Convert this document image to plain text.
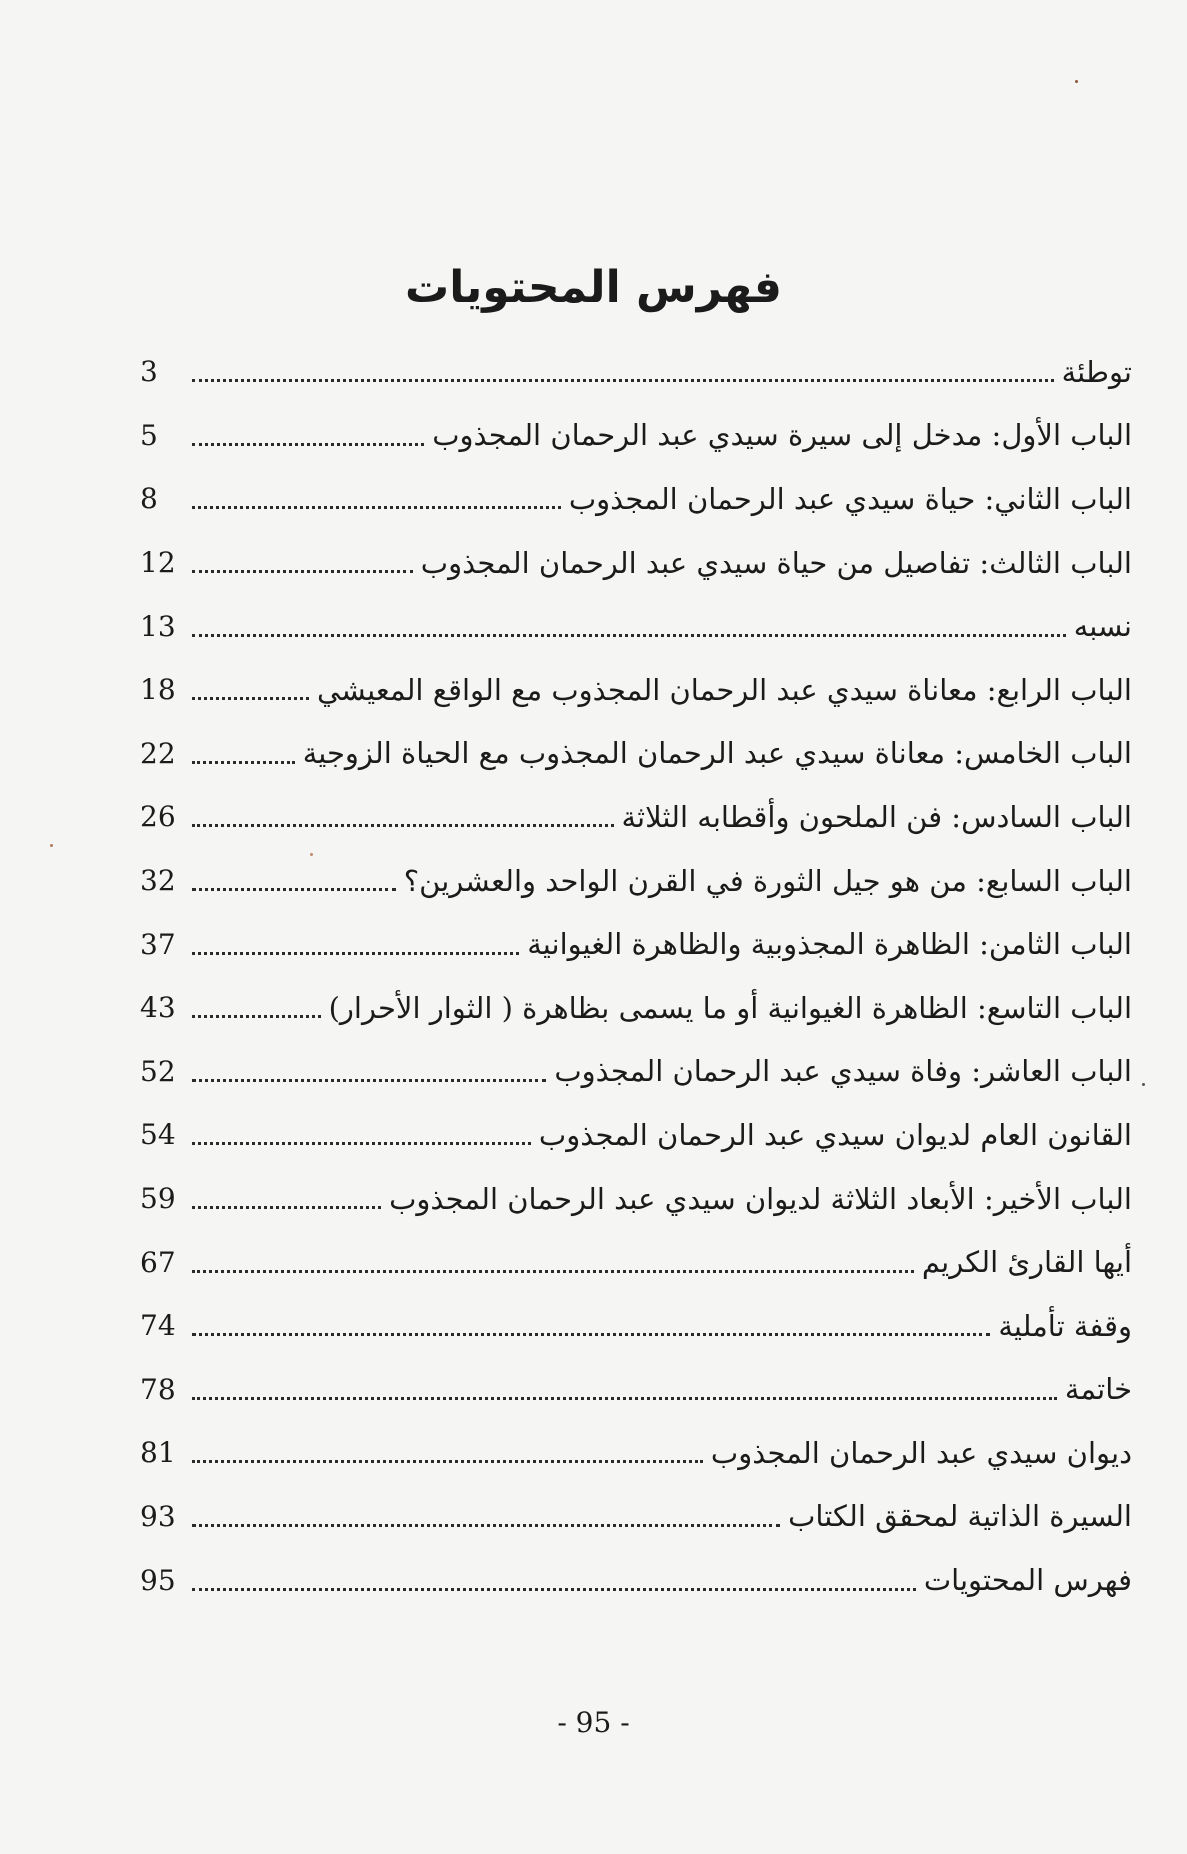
فهرس المحتويات
توطئة
3
الباب الأول: مدخل إلى سيرة سيدي عبد الرحمان المجذوب
5
الباب الثاني: حياة سيدي عبد الرحمان المجذوب
8
الباب الثالث: تفاصيل من حياة سيدي عبد الرحمان المجذوب
12
نسبه
13
الباب الرابع: معاناة سيدي عبد الرحمان المجذوب مع الواقع المعيشي
18
الباب الخامس: معاناة سيدي عبد الرحمان المجذوب مع الحياة الزوجية
22
الباب السادس: فن الملحون وأقطابه الثلاثة
26
الباب السابع: من هو جيل الثورة في القرن الواحد والعشرين؟
32
الباب الثامن: الظاهرة المجذوبية والظاهرة الغيوانية
37
الباب التاسع: الظاهرة الغيوانية أو ما يسمى بظاهرة ( الثوار الأحرار)
43
الباب العاشر: وفاة سيدي عبد الرحمان المجذوب
52
القانون العام لديوان سيدي عبد الرحمان المجذوب
54
الباب الأخير: الأبعاد الثلاثة لديوان سيدي عبد الرحمان المجذوب
59
أيها القارئ الكريم
67
وقفة تأملية
74
خاتمة
78
ديوان سيدي عبد الرحمان المجذوب
81
السيرة الذاتية لمحقق الكتاب
93
فهرس المحتويات
95

- 95 -
